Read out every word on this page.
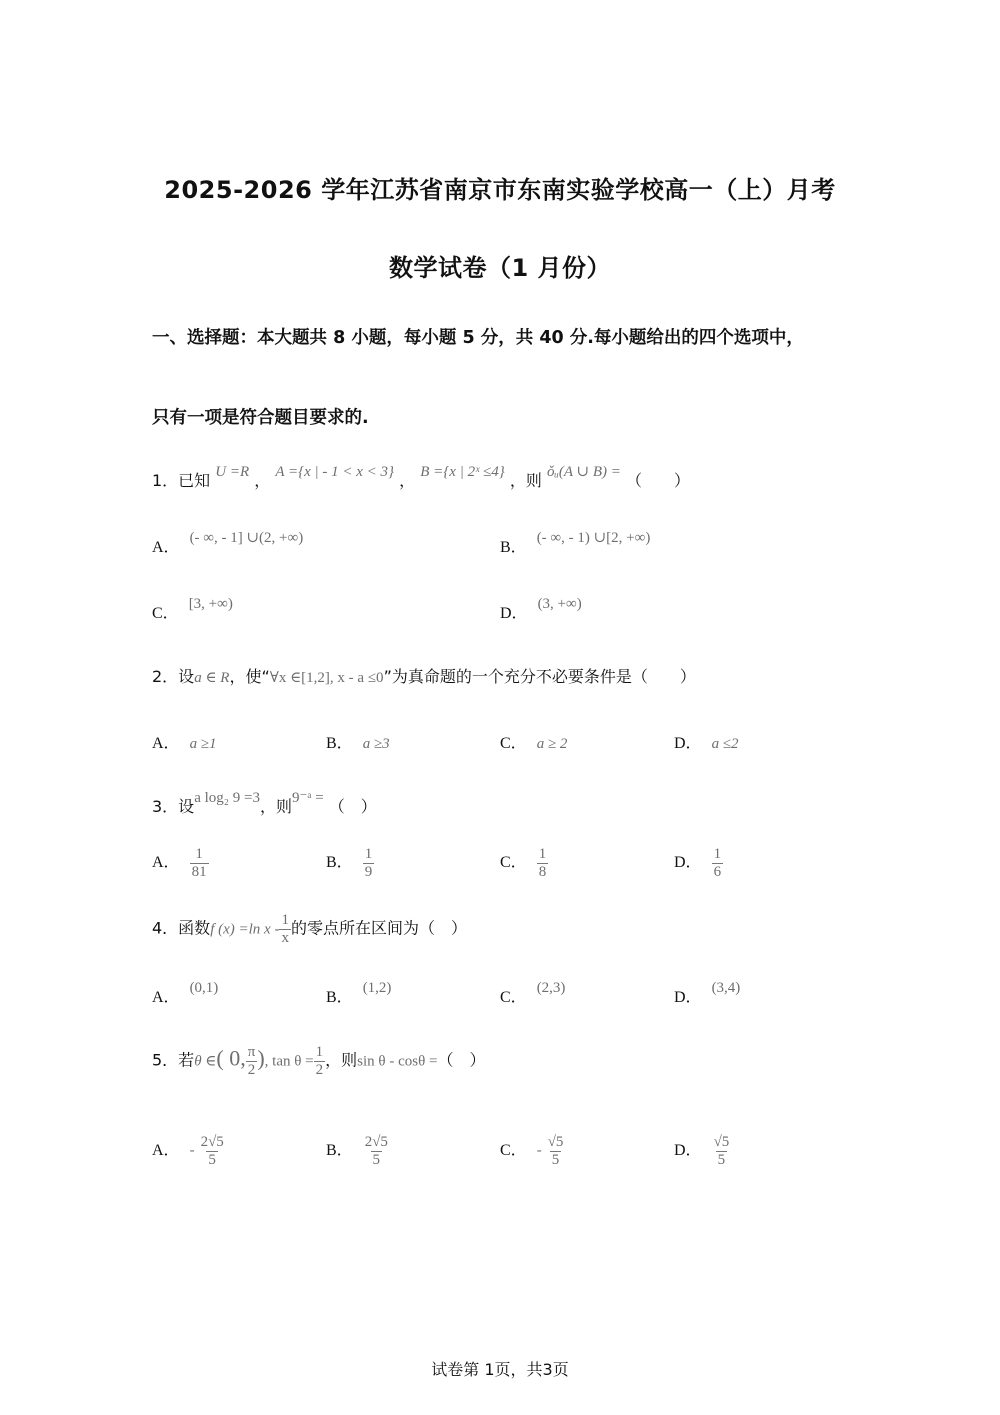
2025-2026 学年江苏省南京市东南实验学校高一（上）月考
数学试卷（1 月份）
一、选择题：本大题共 8 小题，每小题 5 分，共 40 分.每小题给出的四个选项中，
只有一项是符合题目要求的.
1．已知 U =R ， A ={x | - 1 < x < 3} ， B ={x | 2ˣ ≤4} ，则 ǒᵤ(A ∪ B) = （　　）
A．(- ∞, - 1] ∪(2, +∞)
B．(- ∞, - 1) ∪[2, +∞)
C．[3, +∞)
D．(3, +∞)
2．设a ∈ R，使“∀x ∈[1,2], x - a ≤0”为真命题的一个充分不必要条件是（　　）
A． a ≥1	B． a ≥3	C． a ≥ 2	D． a ≤2
3．设a log₂ 9 =3，则9⁻ᵃ = （　）
A． $\frac{1}{81}$	B． $\frac{1}{9}$	C． $\frac{1}{8}$	D． $\frac{1}{6}$
4．函数f (x) =ln x - $\frac{1}{x}$ 的零点所在区间为（　）
A．(0,1)
B．(1,2)
C．(2,3)
D．(3,4)
5．若θ ∈( 0, $\frac{\pi}{2}$ ), $\tan \theta = \frac{1}{2}$ ，则sin θ - cosθ =（　）
A． - $\frac{2√5}{5}$	B． $\frac{2√5}{5}$	C． - $\frac{√5}{5}$	D． $\frac{√5}{5}$
试卷第 1页，共3页
